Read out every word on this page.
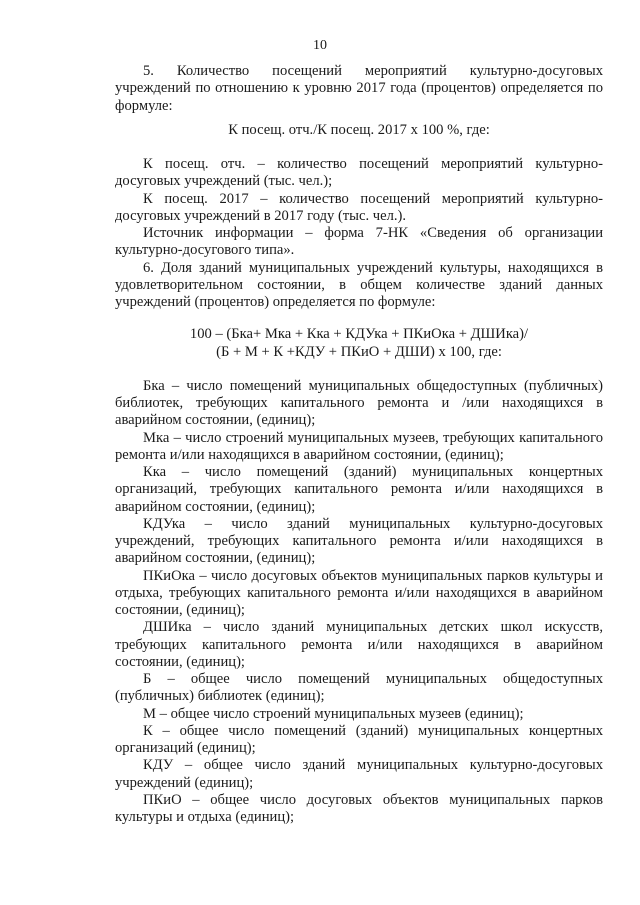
10

5. Количество посещений мероприятий культурно-досуговых учреждений по отношению к уровню 2017 года (процентов) определяется по формуле:

К посещ. отч./К посещ. 2017 х 100 %, где:

К посещ. отч. – количество посещений мероприятий культурно-досуговых учреждений (тыс. чел.);

К посещ. 2017 – количество посещений мероприятий культурно-досуговых учреждений в 2017 году (тыс. чел.).

Источник информации – форма 7-НК «Сведения об организации культурно-досугового типа».

6. Доля зданий муниципальных учреждений культуры, находящихся в удовлетворительном состоянии, в общем количестве зданий данных учреждений (процентов) определяется по формуле:

100 – (Бка+ Мка + Кка + КДУка + ПКиОка + ДШИка)/

(Б + М + К +КДУ + ПКиО + ДШИ) х 100, где:

Бка – число помещений муниципальных общедоступных (публичных) библиотек, требующих капитального ремонта и /или находящихся в аварийном состоянии, (единиц);

Мка – число строений муниципальных музеев, требующих капитального ремонта и/или находящихся в аварийном состоянии, (единиц);

Кка – число помещений (зданий) муниципальных концертных организаций, требующих капитального ремонта и/или находящихся в аварийном состоянии, (единиц);

КДУка – число зданий муниципальных культурно-досуговых учреждений, требующих капитального ремонта и/или находящихся в аварийном состоянии, (единиц);

ПКиОка – число досуговых объектов муниципальных парков культуры и отдыха, требующих капитального ремонта и/или находящихся в аварийном состоянии, (единиц);

ДШИка – число зданий муниципальных детских школ искусств, требующих капитального ремонта и/или находящихся в аварийном состоянии, (единиц);

Б – общее число помещений муниципальных общедоступных (публичных) библиотек (единиц);

М – общее число строений муниципальных музеев (единиц);

К – общее число помещений (зданий) муниципальных концертных организаций (единиц);

КДУ – общее число зданий муниципальных культурно-досуговых учреждений (единиц);

ПКиО – общее число досуговых объектов муниципальных парков культуры и отдыха (единиц);
